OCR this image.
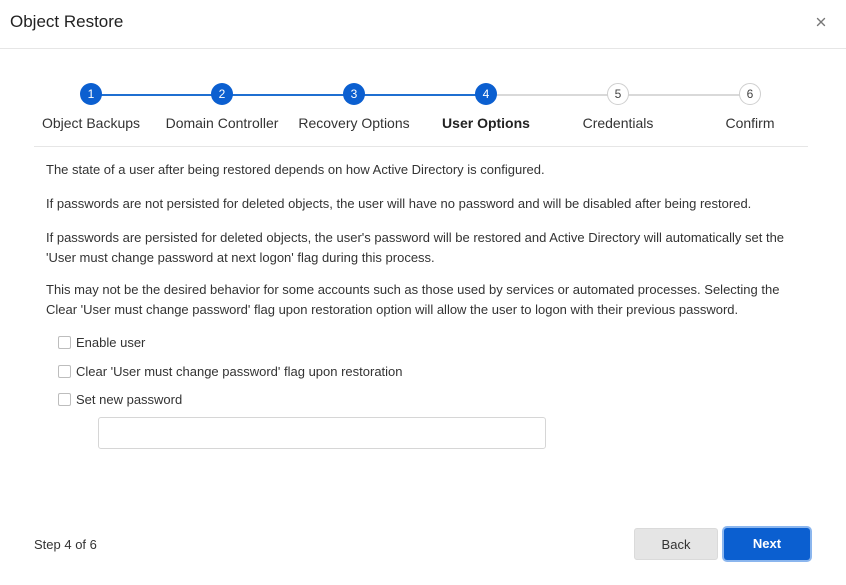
Object Restore
1
Object Backups
2
Domain Controller
3
Recovery Options
4
User Options
5
Credentials
6
Confirm
The state of a user after being restored depends on how Active Directory is configured.
If passwords are not persisted for deleted objects, the user will have no password and will be disabled after being restored.
If passwords are persisted for deleted objects, the user's password will be restored and Active Directory will automatically set the 'User must change password at next logon' flag during this process.
This may not be the desired behavior for some accounts such as those used by services or automated processes. Selecting the Clear 'User must change password' flag upon restoration option will allow the user to logon with their previous password.
Enable user
Clear 'User must change password' flag upon restoration
Set new password
Step 4 of 6	Back	Next
